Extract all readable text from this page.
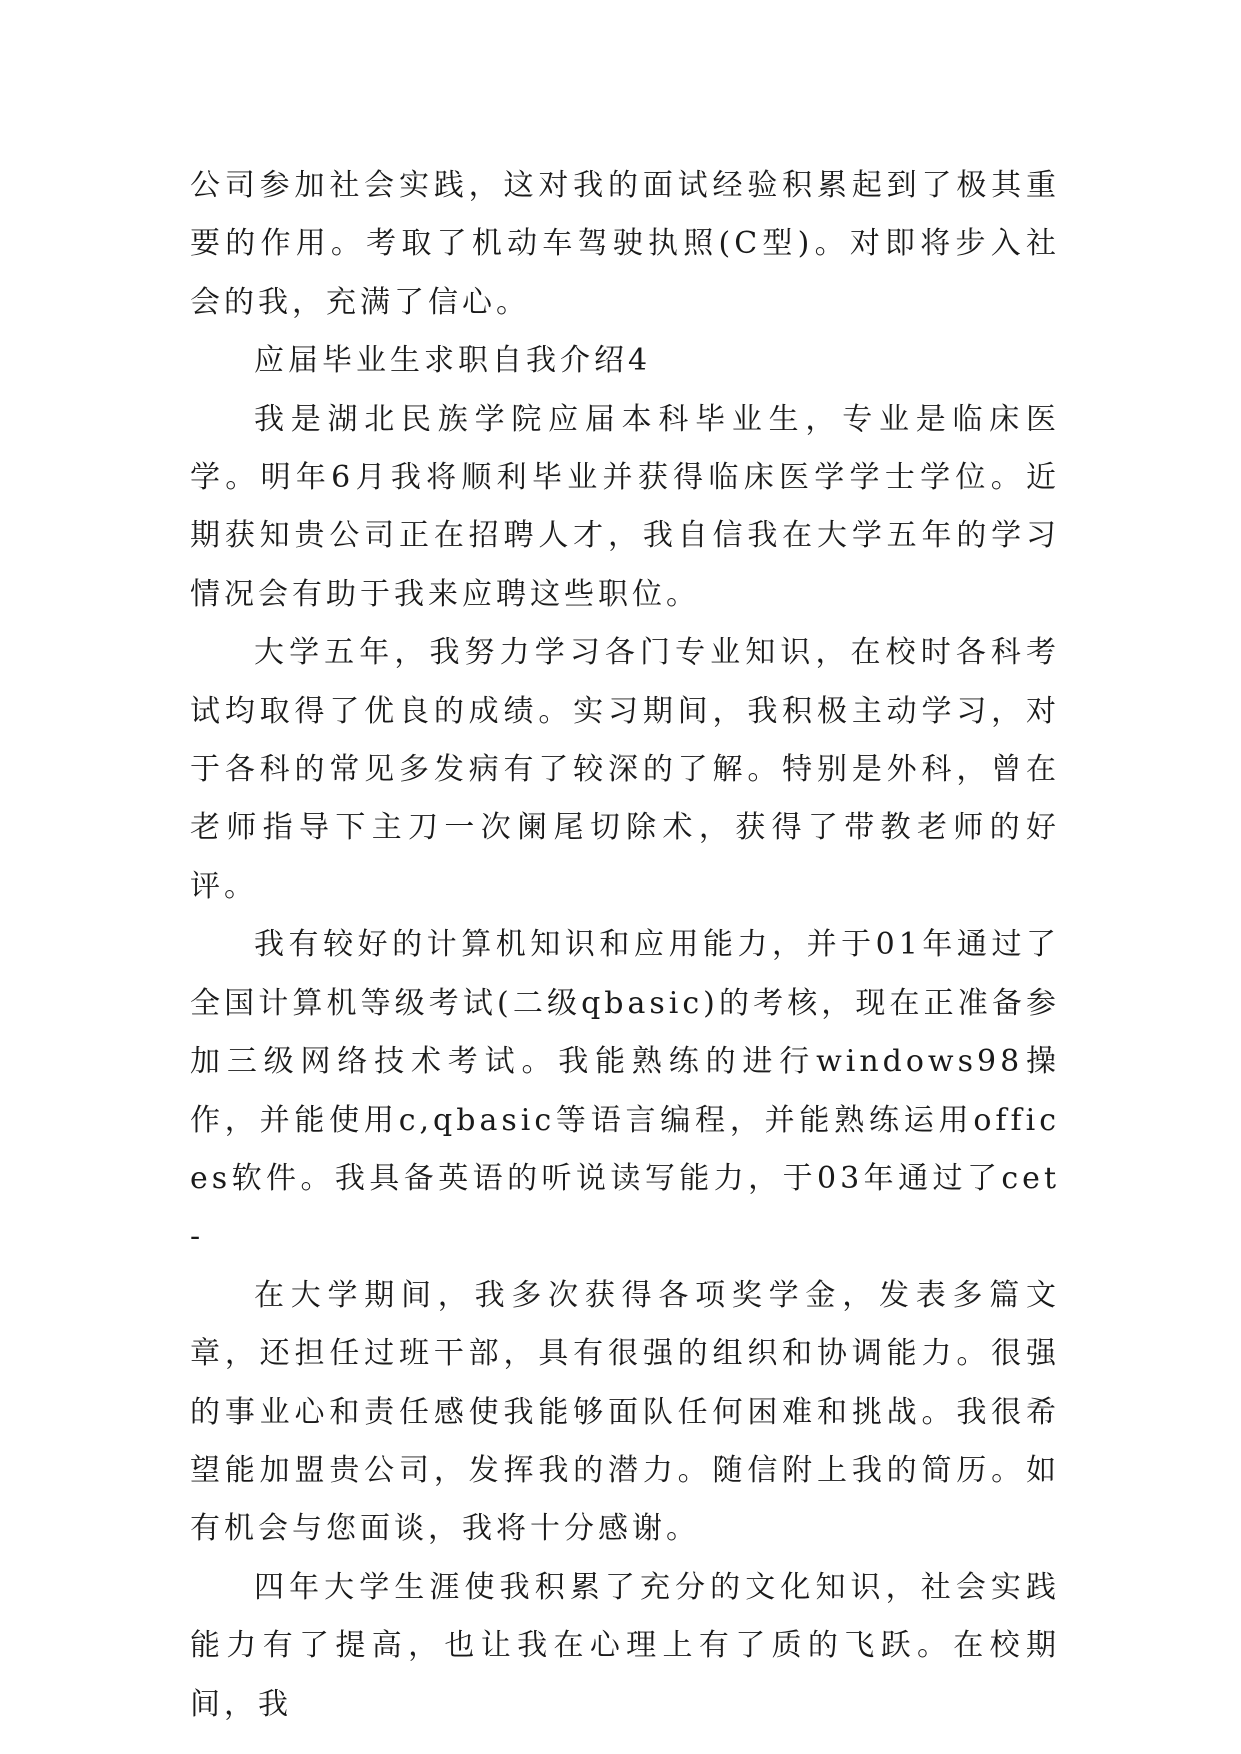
公司参加社会实践，这对我的面试经验积累起到了极其重要的作用。考取了机动车驾驶执照(C型)。对即将步入社会的我，充满了信心。

应届毕业生求职自我介绍4

我是湖北民族学院应届本科毕业生，专业是临床医学。明年6月我将顺利毕业并获得临床医学学士学位。近期获知贵公司正在招聘人才，我自信我在大学五年的学习情况会有助于我来应聘这些职位。

大学五年，我努力学习各门专业知识，在校时各科考试均取得了优良的成绩。实习期间，我积极主动学习，对于各科的常见多发病有了较深的了解。特别是外科，曾在老师指导下主刀一次阑尾切除术，获得了带教老师的好评。

我有较好的计算机知识和应用能力，并于01年通过了全国计算机等级考试(二级qbasic)的考核，现在正准备参加三级网络技术考试。我能熟练的进行windows98操作，并能使用c,qbasic等语言编程，并能熟练运用offices软件。我具备英语的听说读写能力，于03年通过了cet-

在大学期间，我多次获得各项奖学金，发表多篇文章，还担任过班干部，具有很强的组织和协调能力。很强的事业心和责任感使我能够面队任何困难和挑战。我很希望能加盟贵公司，发挥我的潜力。随信附上我的简历。如有机会与您面谈，我将十分感谢。

四年大学生涯使我积累了充分的文化知识，社会实践能力有了提高，也让我在心理上有了质的飞跃。在校期间，我
